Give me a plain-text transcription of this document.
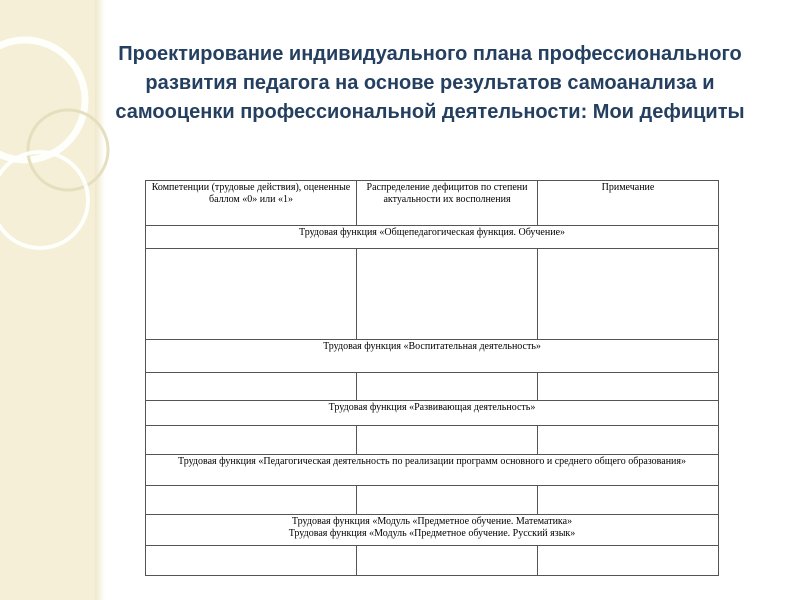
Проектирование индивидуального плана профессионального развития педагога на основе результатов самоанализа и самооценки профессиональной деятельности: Мои дефициты
Компетенции (трудовые действия), оцененные баллом «0» или «1»	Распределение дефицитов по степени актуальности их восполнения	Примечание
Трудовая функция «Общепедагогическая функция. Обучение»		

Трудовая функция «Воспитательная деятельность»		

Трудовая функция «Развивающая деятельность»		

Трудовая функция «Педагогическая деятельность по реализации программ основного и среднего общего образования»		

Трудовая функция «Модуль «Предметное обучение. Математика»
Трудовая функция «Модуль «Предметное обучение. Русский язык»		
